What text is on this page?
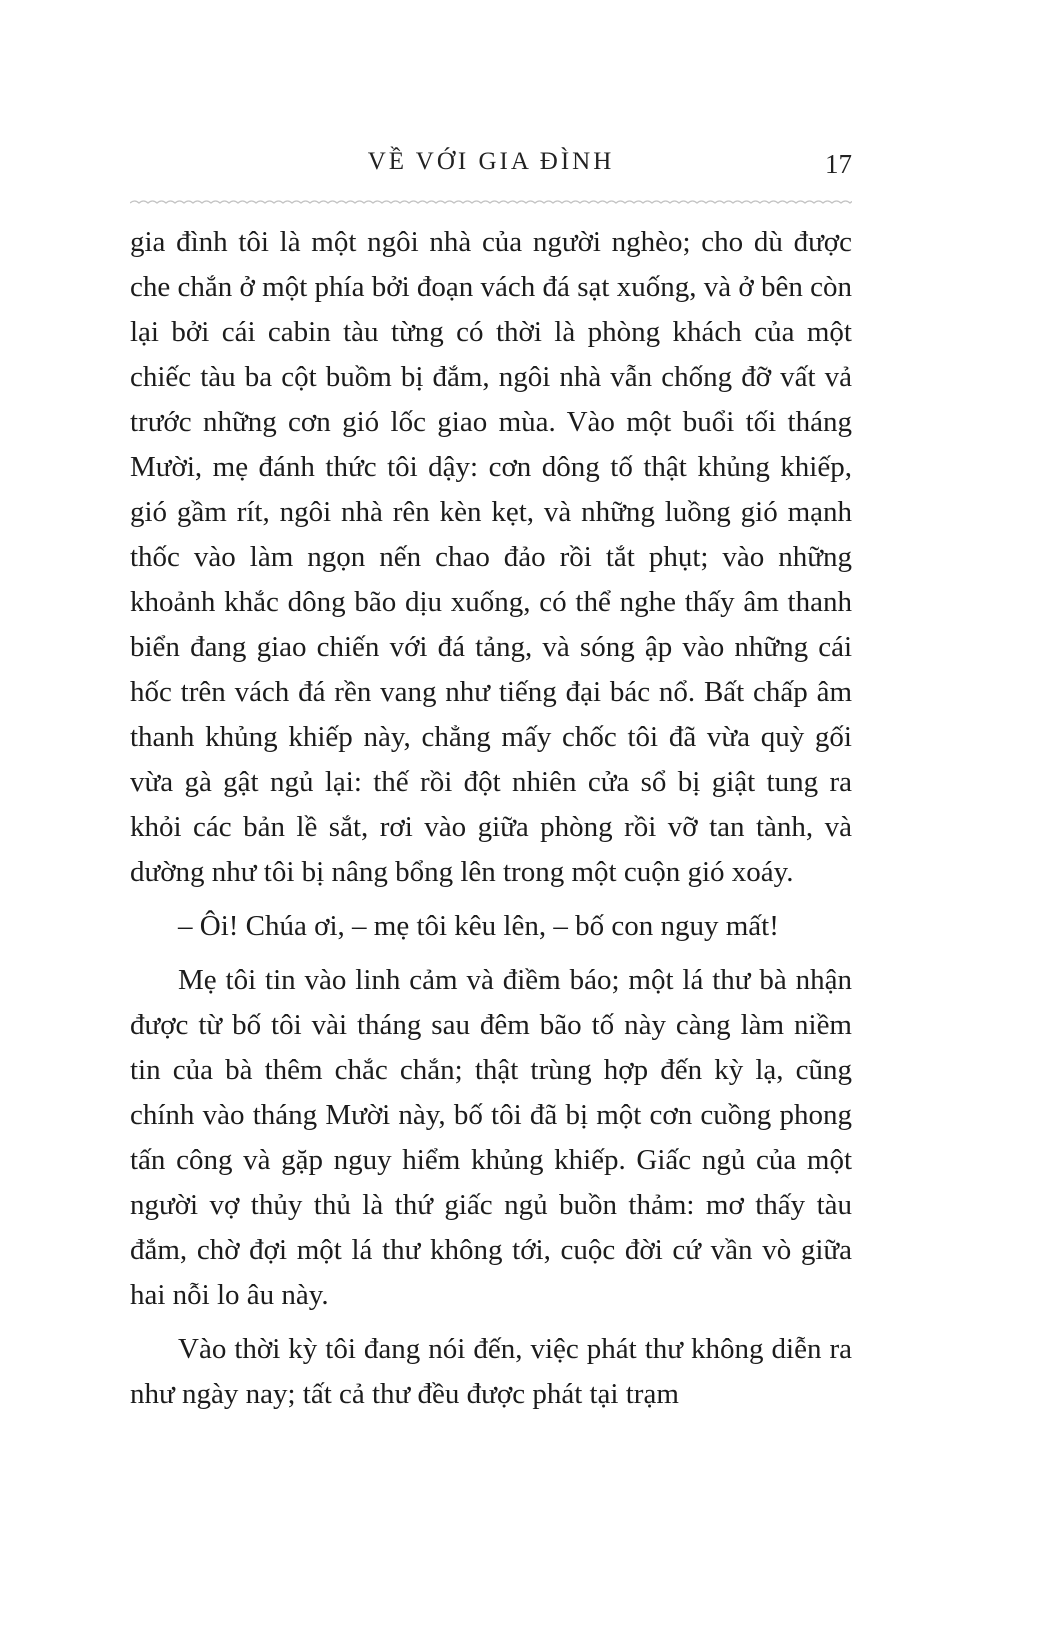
VỀ VỚI GIA ĐÌNH	17

gia đình tôi là một ngôi nhà của người nghèo; cho dù được che chắn ở một phía bởi đoạn vách đá sạt xuống, và ở bên còn lại bởi cái cabin tàu từng có thời là phòng khách của một chiếc tàu ba cột buồm bị đắm, ngôi nhà vẫn chống đỡ vất vả trước những cơn gió lốc giao mùa. Vào một buổi tối tháng Mười, mẹ đánh thức tôi dậy: cơn dông tố thật khủng khiếp, gió gầm rít, ngôi nhà rên kèn kẹt, và những luồng gió mạnh thốc vào làm ngọn nến chao đảo rồi tắt phụt; vào những khoảnh khắc dông bão dịu xuống, có thể nghe thấy âm thanh biển đang giao chiến với đá tảng, và sóng ập vào những cái hốc trên vách đá rền vang như tiếng đại bác nổ. Bất chấp âm thanh khủng khiếp này, chẳng mấy chốc tôi đã vừa quỳ gối vừa gà gật ngủ lại: thế rồi đột nhiên cửa sổ bị giật tung ra khỏi các bản lề sắt, rơi vào giữa phòng rồi vỡ tan tành, và dường như tôi bị nâng bổng lên trong một cuộn gió xoáy.

– Ôi! Chúa ơi, – mẹ tôi kêu lên, – bố con nguy mất!

Mẹ tôi tin vào linh cảm và điềm báo; một lá thư bà nhận được từ bố tôi vài tháng sau đêm bão tố này càng làm niềm tin của bà thêm chắc chắn; thật trùng hợp đến kỳ lạ, cũng chính vào tháng Mười này, bố tôi đã bị một cơn cuồng phong tấn công và gặp nguy hiểm khủng khiếp. Giấc ngủ của một người vợ thủy thủ là thứ giấc ngủ buồn thảm: mơ thấy tàu đắm, chờ đợi một lá thư không tới, cuộc đời cứ vần vò giữa hai nỗi lo âu này.

Vào thời kỳ tôi đang nói đến, việc phát thư không diễn ra như ngày nay; tất cả thư đều được phát tại trạm
